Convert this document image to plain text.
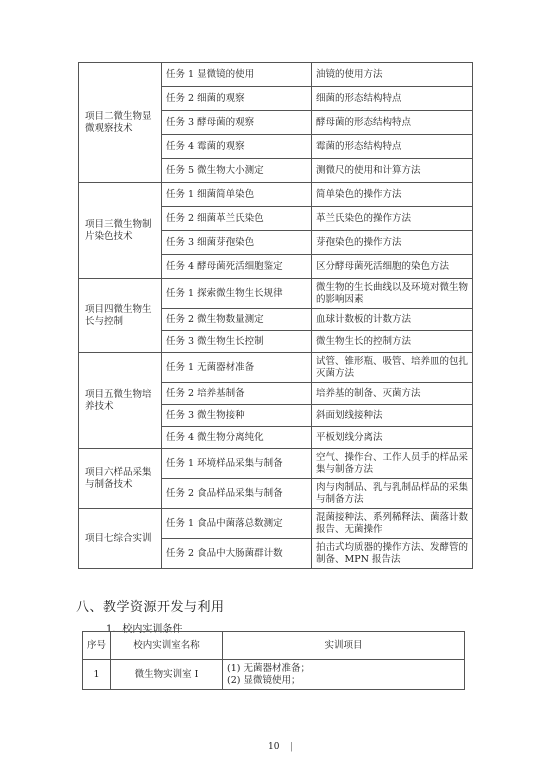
项目二微生物显微观察技术	任务 1 显微镜的使用	油镜的使用方法
	任务 2 细菌的观察	细菌的形态结构特点
	任务 3 酵母菌的观察	酵母菌的形态结构特点
	任务 4 霉菌的观察	霉菌的形态结构特点
	任务 5 微生物大小测定	测微尺的使用和计算方法
项目三微生物制片染色技术	任务 1 细菌简单染色	简单染色的操作方法
	任务 2 细菌革兰氏染色	革兰氏染色的操作方法
	任务 3 细菌芽孢染色	芽孢染色的操作方法
	任务 4 酵母菌死活细胞鉴定	区分酵母菌死活细胞的染色方法
项目四微生物生长与控制	任务 1 探索微生物生长规律	微生物的生长曲线以及环境对微生物的影响因素
	任务 2 微生物数量测定	血球计数板的计数方法
	任务 3 微生物生长控制	微生物生长的控制方法
项目五微生物培养技术	任务 1 无菌器材准备	试管、锥形瓶、吸管、培养皿的包扎灭菌方法
	任务 2 培养基制备	培养基的制备、灭菌方法
	任务 3 微生物接种	斜面划线接种法
	任务 4 微生物分离纯化	平板划线分离法
项目六样品采集与制备技术	任务 1 环境样品采集与制备	空气、操作台、工作人员手的样品采集与制备方法
	任务 2 食品样品采集与制备	肉与肉制品、乳与乳制品样品的采集与制备方法
项目七综合实训	任务 1 食品中菌落总数测定	混菌接种法、系列稀释法、菌落计数报告、无菌操作
	任务 2 食品中大肠菌群计数	拍击式均质器的操作方法、发酵管的制备、MPN 报告法
八、教学资源开发与利用
1．校内实训条件
序号	校内实训室名称	实训项目
1	微生物实训室 I	(1) 无菌器材准备；
(2) 显微镜使用；
10 |
